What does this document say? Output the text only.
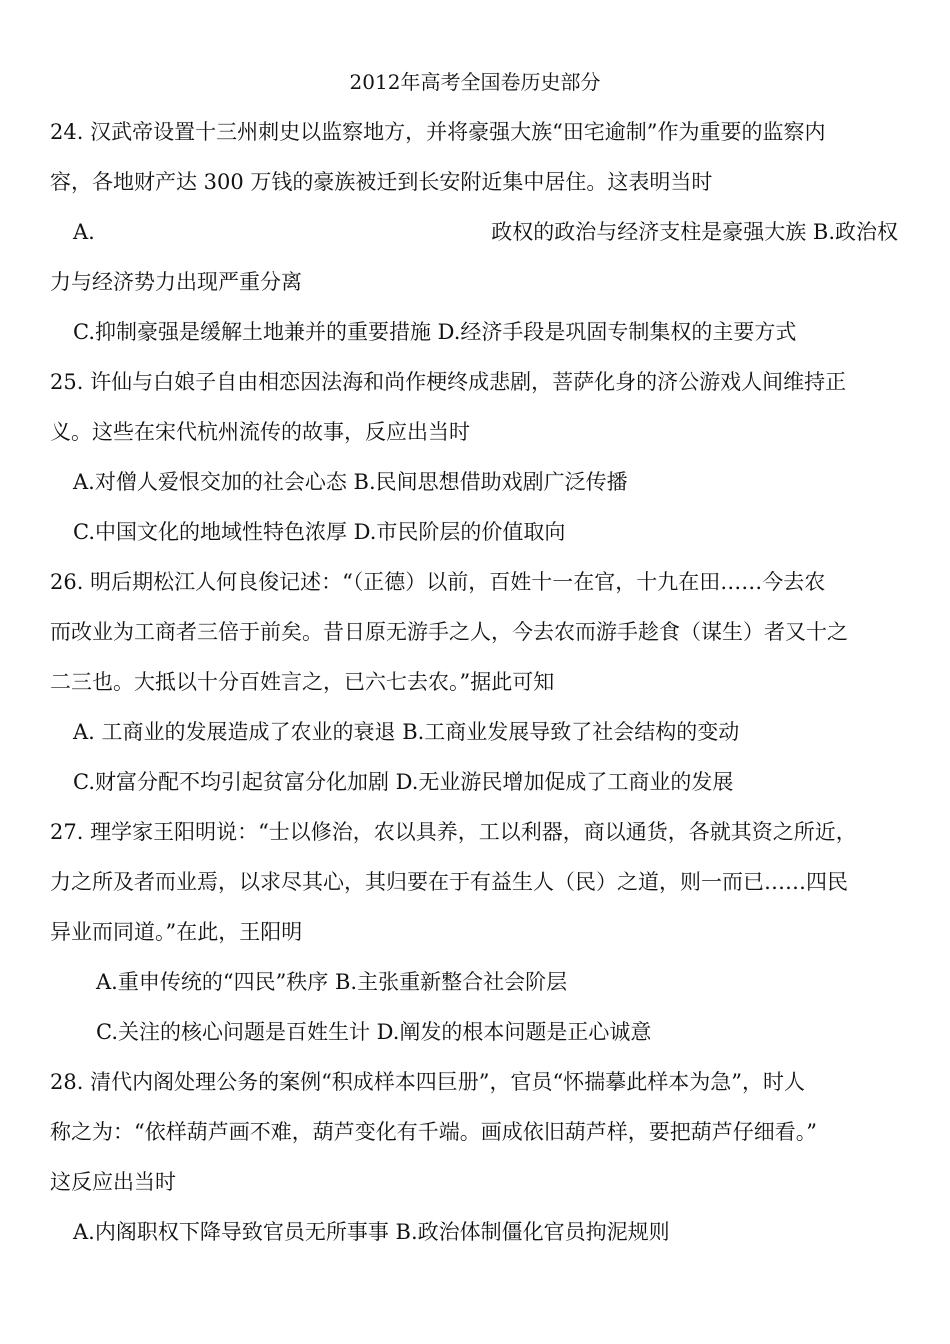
2012年高考全国卷历史部分
24. 汉武帝设置十三州刺史以监察地方，并将豪强大族“田宅逾制”作为重要的监察内
容，各地财产达 300 万钱的豪族被迁到长安附近集中居住。这表明当时
A.	政权的政治与经济支柱是豪强大族 B.政治权
力与经济势力出现严重分离
C.抑制豪强是缓解土地兼并的重要措施 D.经济手段是巩固专制集权的主要方式
25. 许仙与白娘子自由相恋因法海和尚作梗终成悲剧，菩萨化身的济公游戏人间维持正
义。这些在宋代杭州流传的故事，反应出当时
A.对僧人爱恨交加的社会心态 B.民间思想借助戏剧广泛传播
C.中国文化的地域性特色浓厚 D.市民阶层的价值取向
26. 明后期松江人何良俊记述：“（正德）以前，百姓十一在官，十九在田……今去农
而改业为工商者三倍于前矣。昔日原无游手之人，今去农而游手趁食（谋生）者又十之
二三也。大抵以十分百姓言之，已六七去农。”据此可知
A. 工商业的发展造成了农业的衰退 B.工商业发展导致了社会结构的变动
C.财富分配不均引起贫富分化加剧 D.无业游民增加促成了工商业的发展
27. 理学家王阳明说：“士以修治，农以具养，工以利器，商以通货，各就其资之所近，
力之所及者而业焉，以求尽其心，其归要在于有益生人（民）之道，则一而已……四民
异业而同道。”在此，王阳明
A.重申传统的“四民”秩序 B.主张重新整合社会阶层
C.关注的核心问题是百姓生计 D.阐发的根本问题是正心诚意
28. 清代内阁处理公务的案例“积成样本四巨册”，官员“怀揣摹此样本为急”，时人
称之为：“依样葫芦画不难，葫芦变化有千端。画成依旧葫芦样，要把葫芦仔细看。”
这反应出当时
A.内阁职权下降导致官员无所事事 B.政治体制僵化官员拘泥规则
